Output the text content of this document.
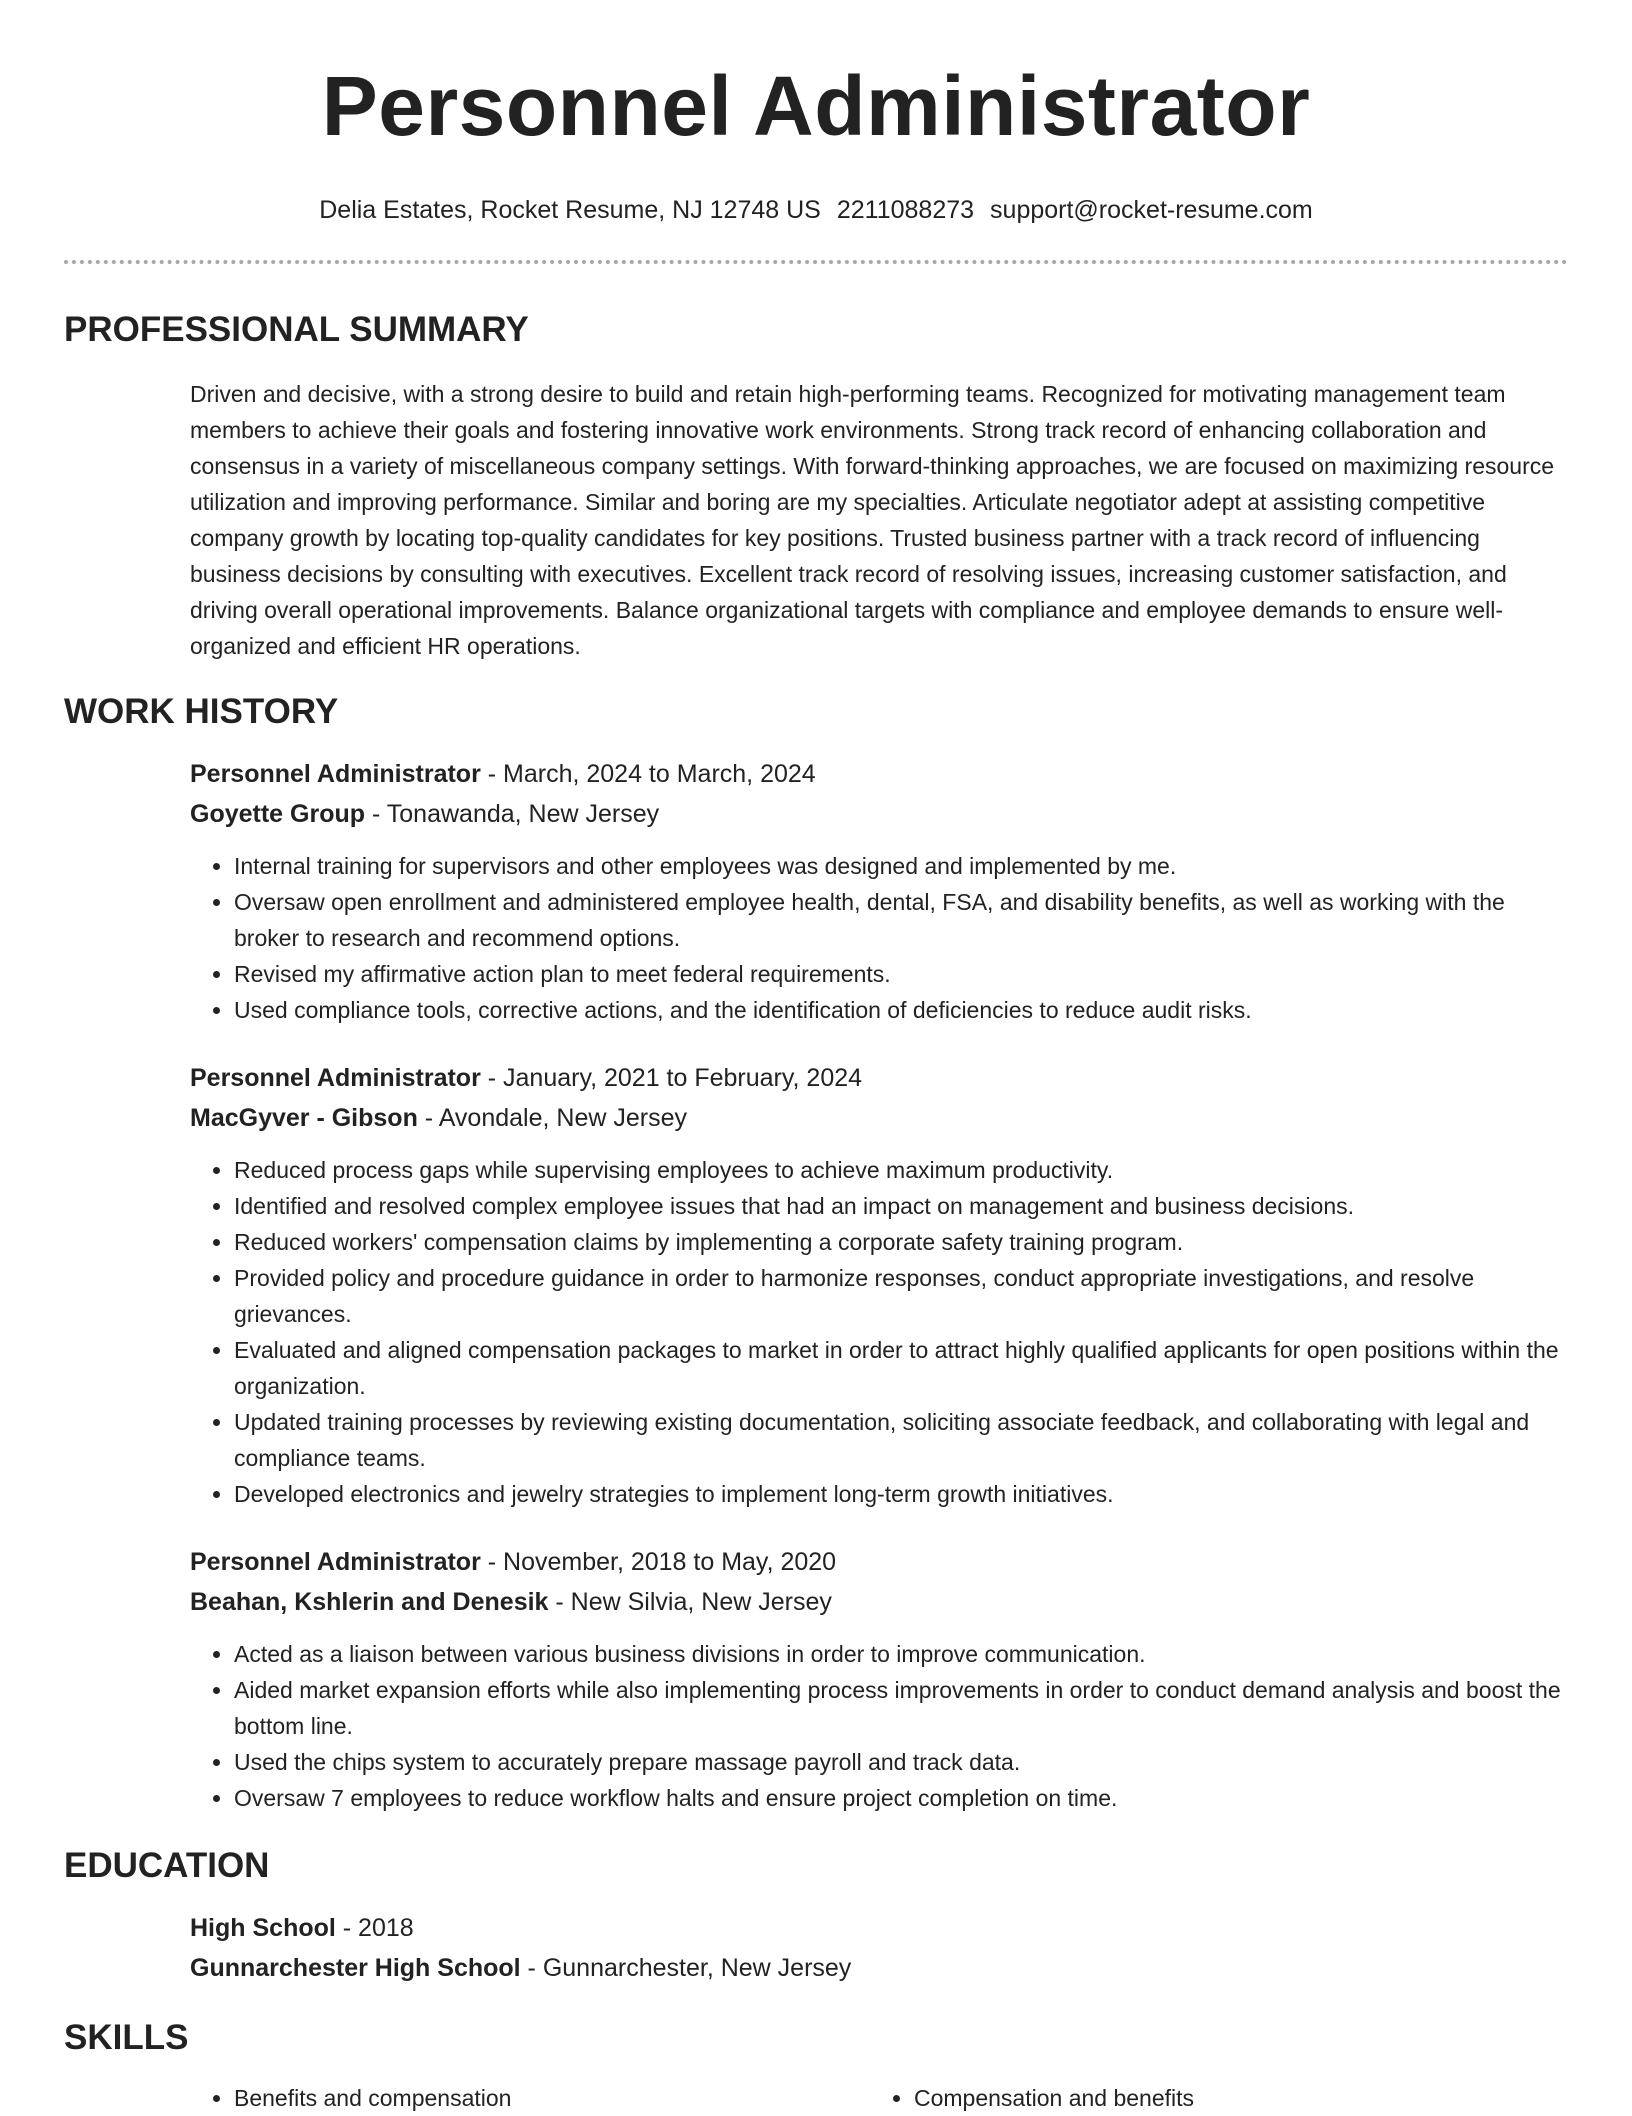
Personnel Administrator
Delia Estates, Rocket Resume, NJ 12748 US 2211088273 support@rocket-resume.com
PROFESSIONAL SUMMARY

Driven and decisive, with a strong desire to build and retain high-performing teams. Recognized for motivating management team members to achieve their goals and fostering innovative work environments. Strong track record of enhancing collaboration and consensus in a variety of miscellaneous company settings. With forward-thinking approaches, we are focused on maximizing resource utilization and improving performance. Similar and boring are my specialties. Articulate negotiator adept at assisting competitive company growth by locating top-quality candidates for key positions. Trusted business partner with a track record of influencing business decisions by consulting with executives. Excellent track record of resolving issues, increasing customer satisfaction, and driving overall operational improvements. Balance organizational targets with compliance and employee demands to ensure well-organized and efficient HR operations.

WORK HISTORY
Personnel Administrator - March, 2024 to March, 2024
Goyette Group - Tonawanda, New Jersey
• Internal training for supervisors and other employees was designed and implemented by me.
• Oversaw open enrollment and administered employee health, dental, FSA, and disability benefits, as well as working with the broker to research and recommend options.
• Revised my affirmative action plan to meet federal requirements.
• Used compliance tools, corrective actions, and the identification of deficiencies to reduce audit risks.
Personnel Administrator - January, 2021 to February, 2024
MacGyver - Gibson - Avondale, New Jersey
• Reduced process gaps while supervising employees to achieve maximum productivity.
• Identified and resolved complex employee issues that had an impact on management and business decisions.
• Reduced workers' compensation claims by implementing a corporate safety training program.
• Provided policy and procedure guidance in order to harmonize responses, conduct appropriate investigations, and resolve grievances.
• Evaluated and aligned compensation packages to market in order to attract highly qualified applicants for open positions within the organization.
• Updated training processes by reviewing existing documentation, soliciting associate feedback, and collaborating with legal and compliance teams.
• Developed electronics and jewelry strategies to implement long-term growth initiatives.
Personnel Administrator - November, 2018 to May, 2020
Beahan, Kshlerin and Denesik - New Silvia, New Jersey
• Acted as a liaison between various business divisions in order to improve communication.
• Aided market expansion efforts while also implementing process improvements in order to conduct demand analysis and boost the bottom line.
• Used the chips system to accurately prepare massage payroll and track data.
• Oversaw 7 employees to reduce workflow halts and ensure project completion on time.
EDUCATION
High School - 2018
Gunnarchester High School - Gunnarchester, New Jersey
SKILLS
• Benefits and compensation
•	Compensation and benefits
